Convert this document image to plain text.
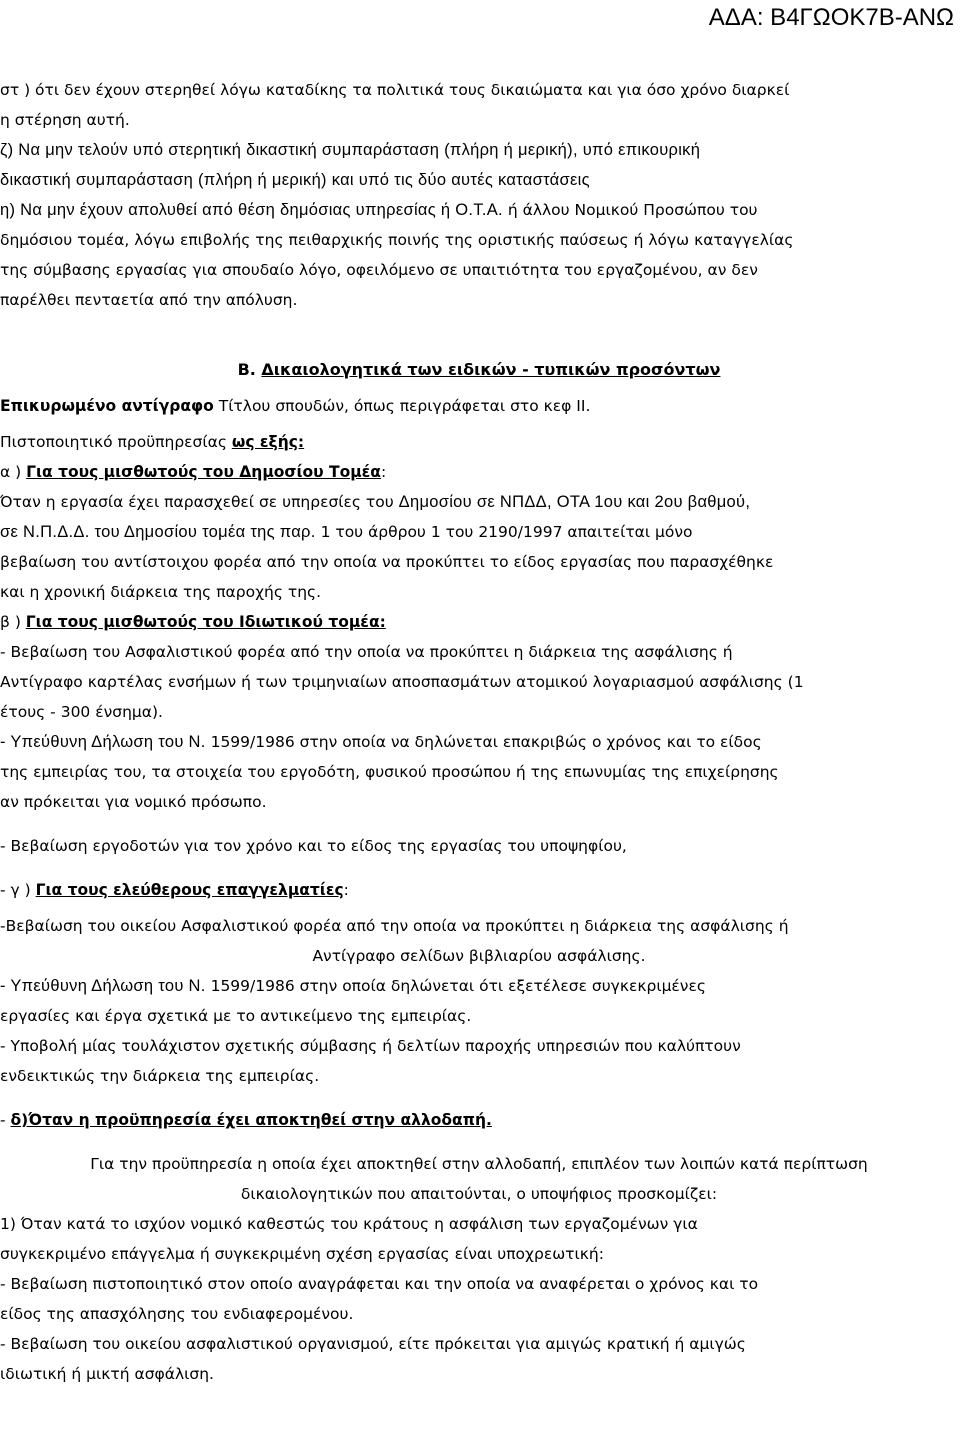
ΑΔΑ: Β4ΓΩΟΚ7Β-ΑΝΩ

στ ) ότι δεν έχουν στερηθεί λόγω καταδίκης τα πολιτικά τους δικαιώματα και για όσο χρόνο διαρκεί

η στέρηση αυτή.

ζ) Να μην τελούν υπό στερητική δικαστική συμπαράσταση (πλήρη ή μερική), υπό επικουρική

δικαστική συμπαράσταση (πλήρη ή μερική) και υπό τις δύο αυτές καταστάσεις

η) Να μην έχουν απολυθεί από θέση δημόσιας υπηρεσίας ή Ο.Τ.Α. ή άλλου Νομικού Προσώπου του

δημόσιου τομέα, λόγω επιβολής της πειθαρχικής ποινής της οριστικής παύσεως ή λόγω καταγγελίας

της σύμβασης εργασίας για σπουδαίο λόγο, οφειλόμενο σε υπαιτιότητα του εργαζομένου, αν δεν

παρέλθει πενταετία από την απόλυση.

Β. Δικαιολογητικά των ειδικών - τυπικών προσόντων

Επικυρωμένο αντίγραφο Τίτλου σπουδών, όπως περιγράφεται στο κεφ ΙΙ.

Πιστοποιητικό προϋπηρεσίας ως εξής:

α ) Για τους μισθωτούς του Δημοσίου Τομέα:

Όταν η εργασία έχει παρασχεθεί σε υπηρεσίες του Δημοσίου σε ΝΠΔΔ, ΟΤΑ 1ου και 2ου βαθμού,

σε Ν.Π.Δ.Δ. του Δημοσίου τομέα της παρ. 1 του άρθρου 1 του 2190/1997 απαιτείται μόνο

βεβαίωση του αντίστοιχου φορέα από την οποία να προκύπτει το είδος εργασίας που παρασχέθηκε

και η χρονική διάρκεια της παροχής της.

β ) Για τους μισθωτούς του Ιδιωτικού τομέα:

- Βεβαίωση του Ασφαλιστικού φορέα από την οποία να προκύπτει η διάρκεια της ασφάλισης ή

Αντίγραφο καρτέλας ενσήμων ή των τριμηνιαίων αποσπασμάτων ατομικού λογαριασμού ασφάλισης (1

έτους - 300 ένσημα).

- Υπεύθυνη Δήλωση του Ν. 1599/1986 στην οποία να δηλώνεται επακριβώς ο χρόνος και το είδος

της εμπειρίας του, τα στοιχεία του εργοδότη, φυσικού προσώπου ή της επωνυμίας της επιχείρησης

αν πρόκειται για νομικό πρόσωπο.

- Βεβαίωση εργοδοτών για τον χρόνο και το είδος της εργασίας του υποψηφίου,

- γ ) Για τους ελεύθερους επαγγελματίες:

-Βεβαίωση του οικείου Ασφαλιστικού φορέα από την οποία να προκύπτει η διάρκεια της ασφάλισης ή

Αντίγραφο σελίδων βιβλιαρίου ασφάλισης.

- Υπεύθυνη Δήλωση του Ν. 1599/1986 στην οποία δηλώνεται ότι εξετέλεσε συγκεκριμένες

εργασίες και έργα σχετικά με το αντικείμενο της εμπειρίας.

- Υποβολή μίας τουλάχιστον σχετικής σύμβασης ή δελτίων παροχής υπηρεσιών που καλύπτουν

ενδεικτικώς την διάρκεια της εμπειρίας.

- δ)Όταν η προϋπηρεσία έχει αποκτηθεί στην αλλοδαπή.

Για την προϋπηρεσία η οποία έχει αποκτηθεί στην αλλοδαπή, επιπλέον των λοιπών κατά περίπτωση

δικαιολογητικών που απαιτούνται, ο υποψήφιος προσκομίζει:

1) Όταν κατά το ισχύον νομικό καθεστώς του κράτους η ασφάλιση των εργαζομένων για

συγκεκριμένο επάγγελμα ή συγκεκριμένη σχέση εργασίας είναι υποχρεωτική:

- Βεβαίωση πιστοποιητικό στον οποίο αναγράφεται και την οποία να αναφέρεται ο χρόνος και το

είδος της απασχόλησης του ενδιαφερομένου.

- Βεβαίωση του οικείου ασφαλιστικού οργανισμού, είτε πρόκειται για αμιγώς κρατική ή αμιγώς

ιδιωτική ή μικτή ασφάλιση.
